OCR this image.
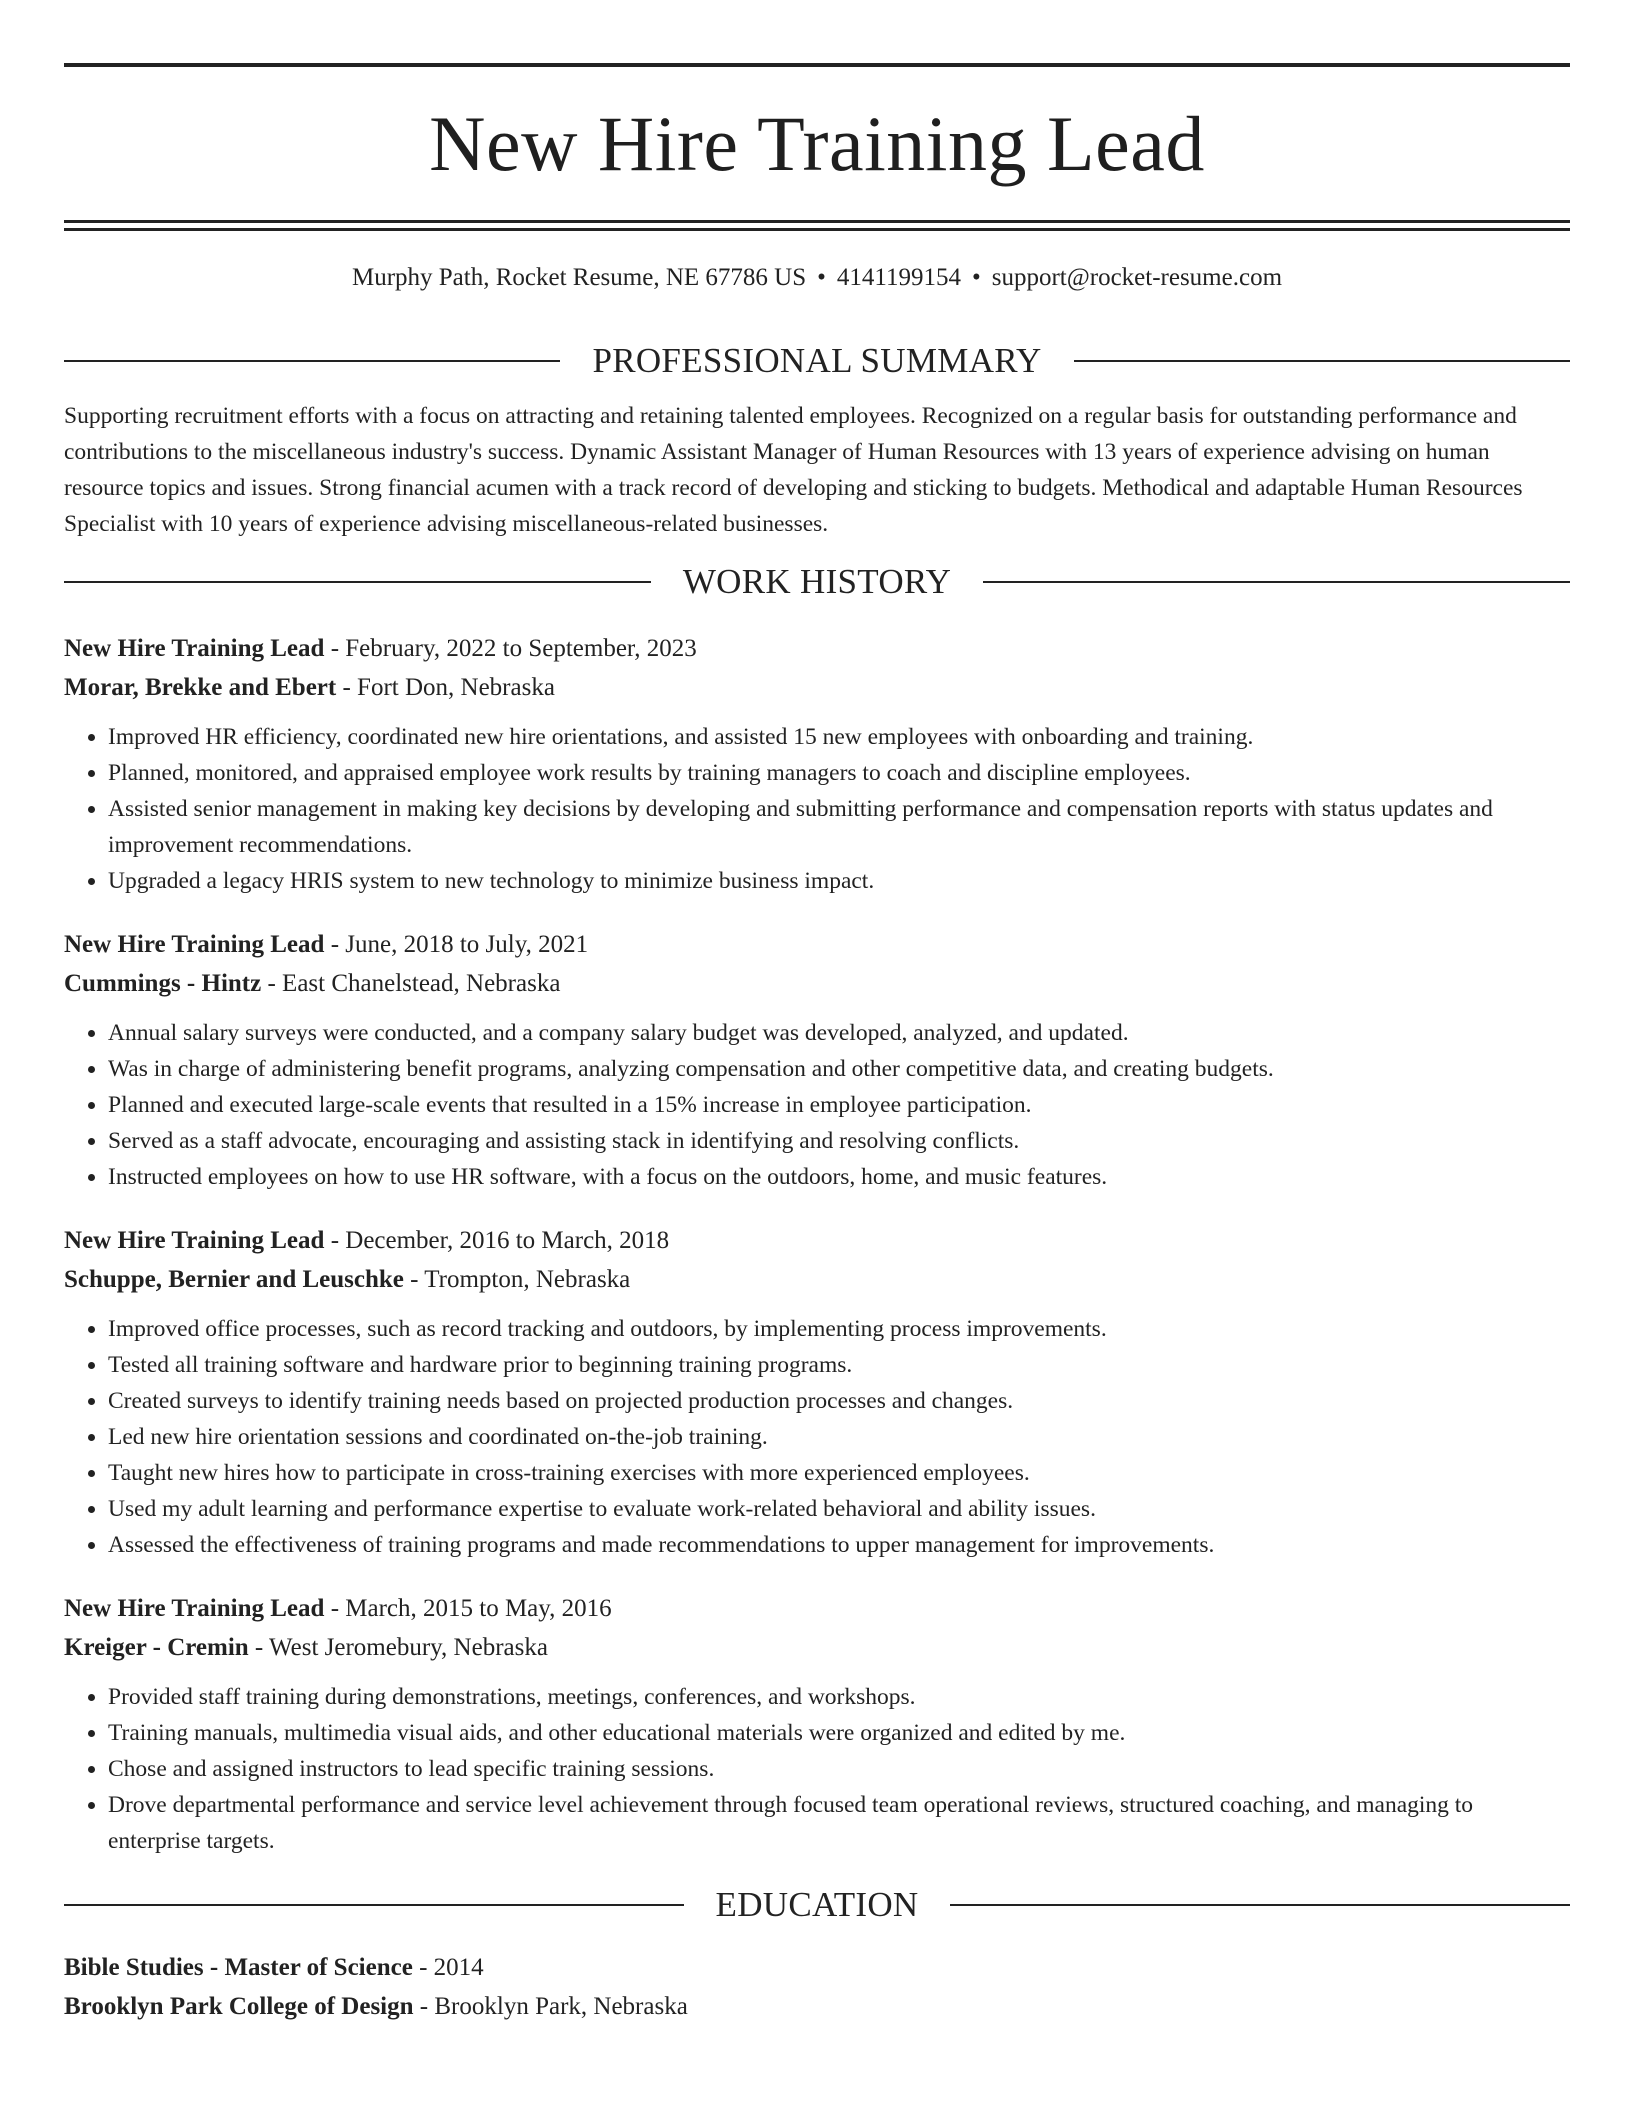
New Hire Training Lead
Murphy Path, Rocket Resume, NE 67786 US • 4141199154 • support@rocket-resume.com
PROFESSIONAL SUMMARY
Supporting recruitment efforts with a focus on attracting and retaining talented employees. Recognized on a regular basis for outstanding performance and contributions to the miscellaneous industry's success. Dynamic Assistant Manager of Human Resources with 13 years of experience advising on human resource topics and issues. Strong financial acumen with a track record of developing and sticking to budgets. Methodical and adaptable Human Resources Specialist with 10 years of experience advising miscellaneous-related businesses.
WORK HISTORY
New Hire Training Lead - February, 2022 to September, 2023
Morar, Brekke and Ebert - Fort Don, Nebraska
• Improved HR efficiency, coordinated new hire orientations, and assisted 15 new employees with onboarding and training.
• Planned, monitored, and appraised employee work results by training managers to coach and discipline employees.
• Assisted senior management in making key decisions by developing and submitting performance and compensation reports with status updates and improvement recommendations.
• Upgraded a legacy HRIS system to new technology to minimize business impact.
New Hire Training Lead - June, 2018 to July, 2021
Cummings - Hintz - East Chanelstead, Nebraska
• Annual salary surveys were conducted, and a company salary budget was developed, analyzed, and updated.
• Was in charge of administering benefit programs, analyzing compensation and other competitive data, and creating budgets.
• Planned and executed large-scale events that resulted in a 15% increase in employee participation.
• Served as a staff advocate, encouraging and assisting stack in identifying and resolving conflicts.
• Instructed employees on how to use HR software, with a focus on the outdoors, home, and music features.
New Hire Training Lead - December, 2016 to March, 2018
Schuppe, Bernier and Leuschke - Trompton, Nebraska
• Improved office processes, such as record tracking and outdoors, by implementing process improvements.
• Tested all training software and hardware prior to beginning training programs.
• Created surveys to identify training needs based on projected production processes and changes.
• Led new hire orientation sessions and coordinated on-the-job training.
• Taught new hires how to participate in cross-training exercises with more experienced employees.
• Used my adult learning and performance expertise to evaluate work-related behavioral and ability issues.
• Assessed the effectiveness of training programs and made recommendations to upper management for improvements.
New Hire Training Lead - March, 2015 to May, 2016
Kreiger - Cremin - West Jeromebury, Nebraska
• Provided staff training during demonstrations, meetings, conferences, and workshops.
• Training manuals, multimedia visual aids, and other educational materials were organized and edited by me.
• Chose and assigned instructors to lead specific training sessions.
• Drove departmental performance and service level achievement through focused team operational reviews, structured coaching, and managing to enterprise targets.
EDUCATION
Bible Studies - Master of Science - 2014
Brooklyn Park College of Design - Brooklyn Park, Nebraska
